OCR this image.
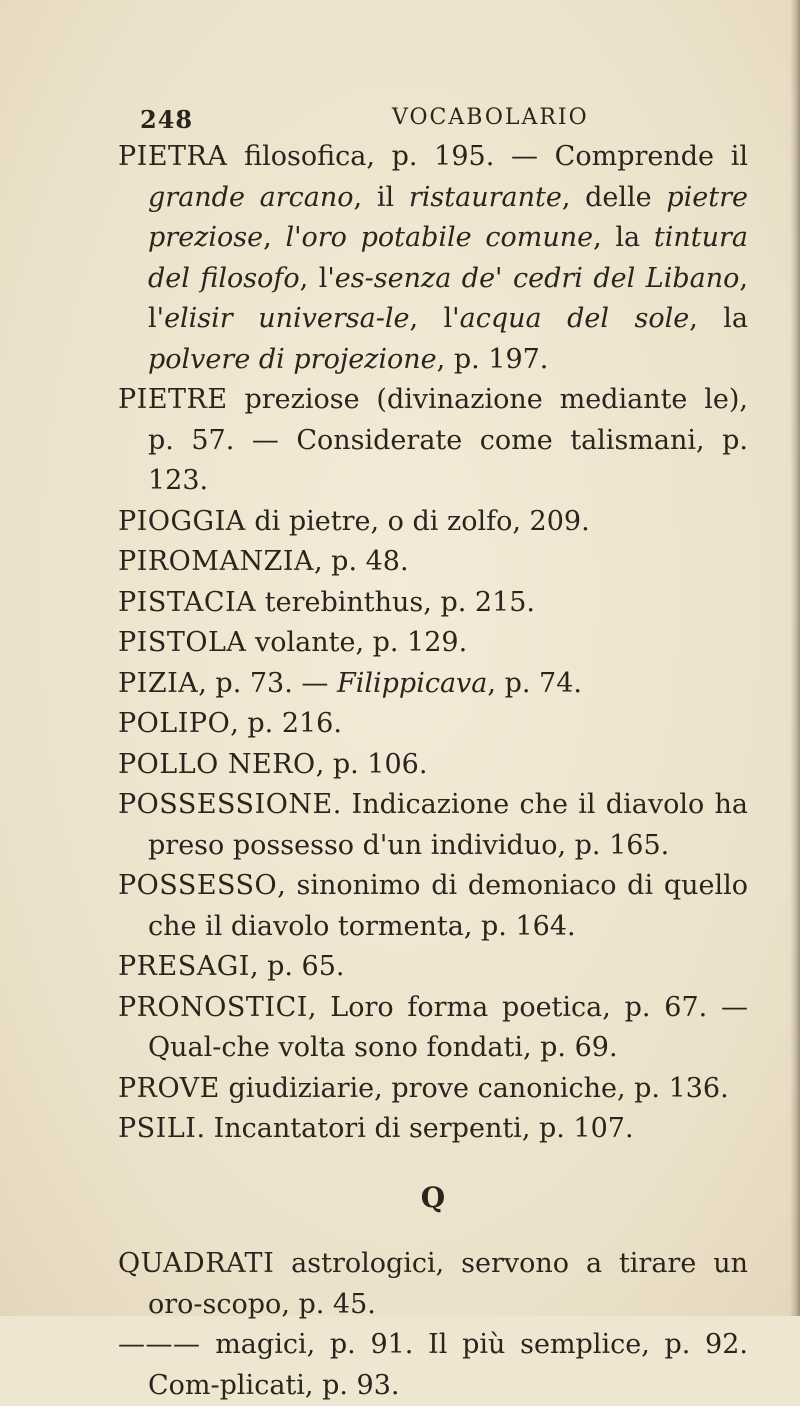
248	VOCABOLARIO

PIETRA filosofica, p. 195. — Comprende il grande arcano, il ristaurante, delle pietre preziose, l'oro potabile comune, la tintura del filosofo, l'es-senza de' cedri del Libano, l'elisir universa-le, l'acqua del sole, la polvere di projezione, p. 197.

PIETRE preziose (divinazione mediante le), p. 57. — Considerate come talismani, p. 123.

PIOGGIA di pietre, o di zolfo, 209.

PIROMANZIA, p. 48.

PISTACIA terebinthus, p. 215.

PISTOLA volante, p. 129.

PIZIA, p. 73. — Filippicava, p. 74.

POLIPO, p. 216.

POLLO NERO, p. 106.

POSSESSIONE. Indicazione che il diavolo ha preso possesso d'un individuo, p. 165.

POSSESSO, sinonimo di demoniaco di quello che il diavolo tormenta, p. 164.

PRESAGI, p. 65.

PRONOSTICI, Loro forma poetica, p. 67. — Qual-che volta sono fondati, p. 69.

PROVE giudiziarie, prove canoniche, p. 136.

PSILI. Incantatori di serpenti, p. 107.

Q

QUADRATI astrologici, servono a tirare un oro-scopo, p. 45.

——— magici, p. 91. Il più semplice, p. 92. Com-plicati, p. 93.
